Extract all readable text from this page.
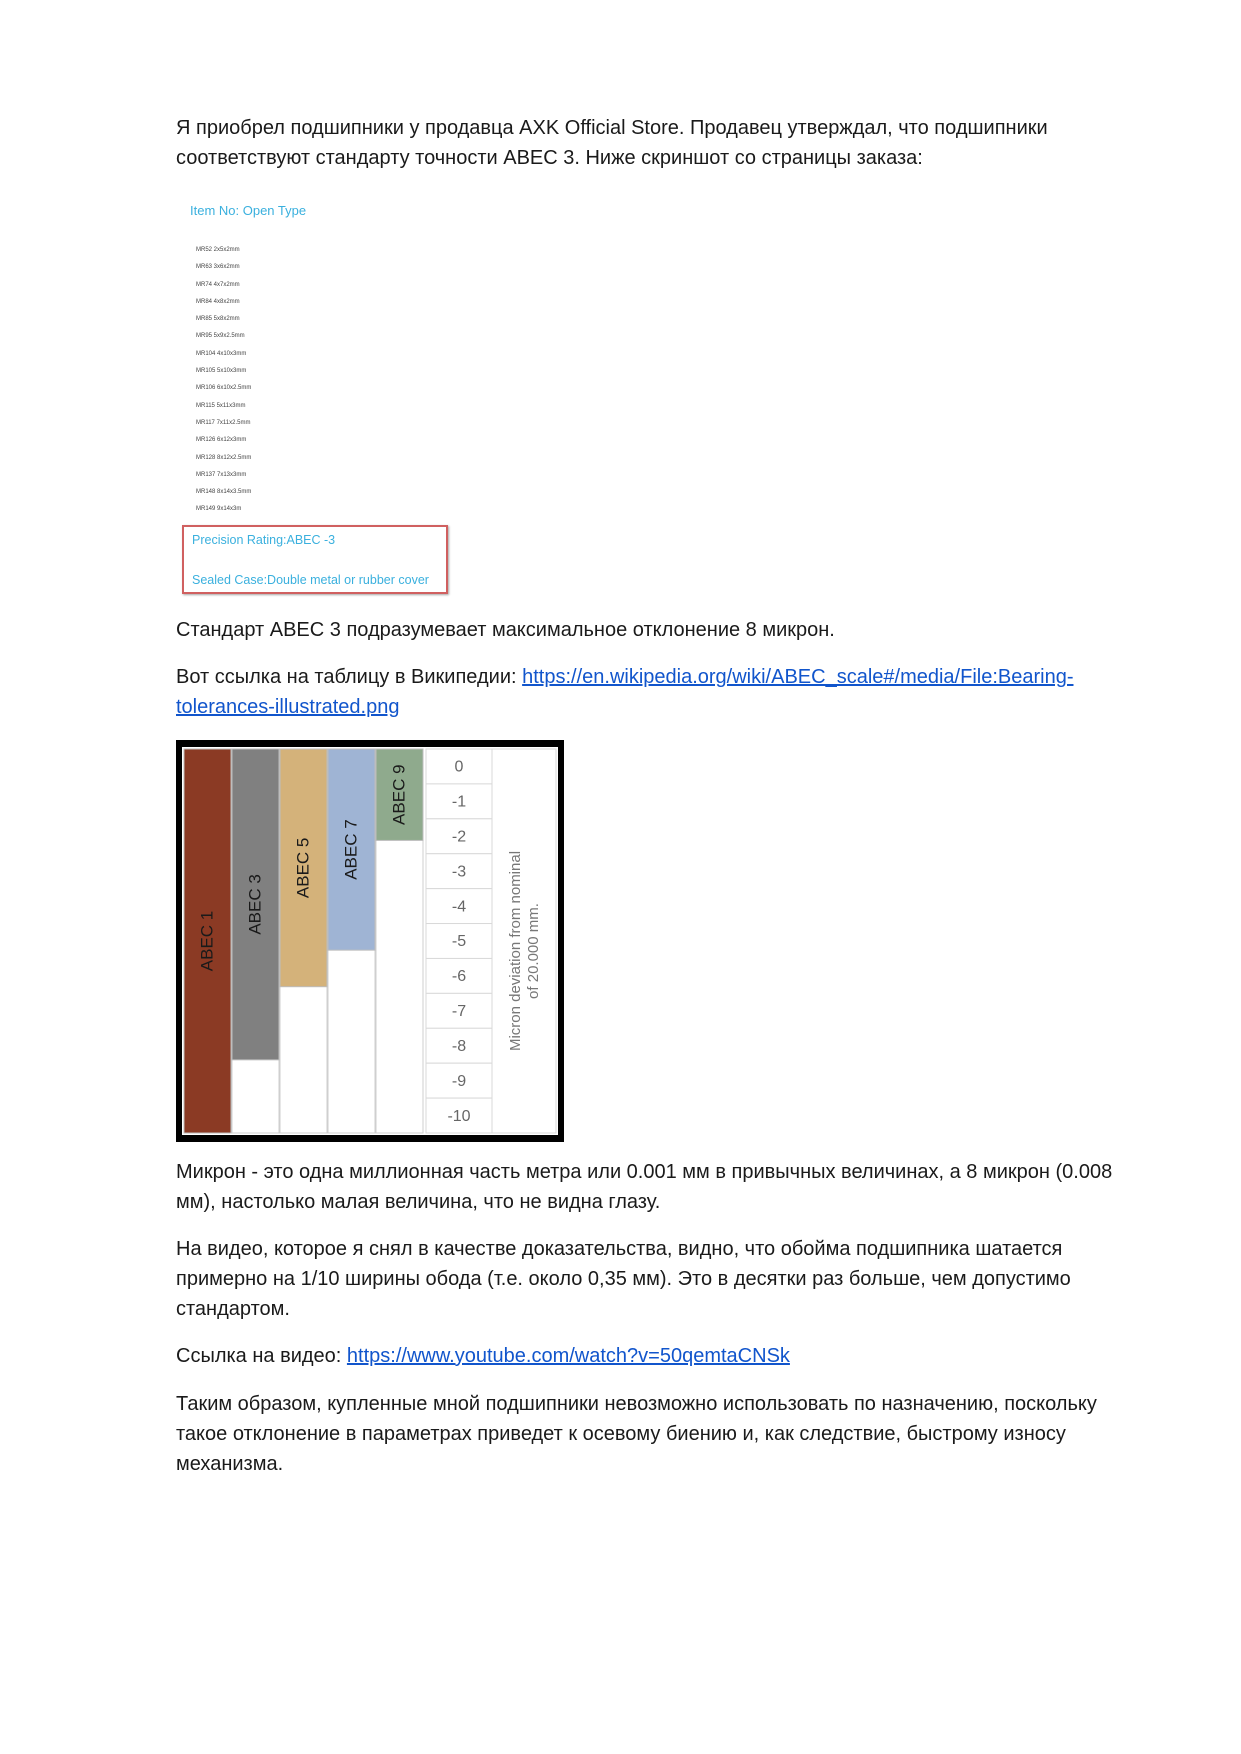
Я приобрел подшипники у продавца AXK Official Store. Продавец утверждал, что подшипники соответствуют стандарту точности ABEC 3. Ниже скриншот со страницы заказа:

Item No: Open Type
MR52 2x5x2mm
MR63 3x6x2mm
MR74 4x7x2mm
MR84 4x8x2mm
MR85 5x8x2mm
MR95 5x9x2.5mm
MR104 4x10x3mm
MR105 5x10x3mm
MR106 6x10x2.5mm
MR115 5x11x3mm
MR117 7x11x2.5mm
MR126 6x12x3mm
MR128 8x12x2.5mm
MR137 7x13x3mm
MR148 8x14x3.5mm
MR149 9x14x3m
Precision Rating:ABEC -3
Sealed Case:Double metal or rubber cover

Стандарт ABEC 3 подразумевает максимальное отклонение 8 микрон.

Вот ссылка на таблицу в Википедии: https://en.wikipedia.org/wiki/ABEC_scale#/media/File:Bearing-tolerances-illustrated.png

ABEC 1
ABEC 3
ABEC 5 ABEC 7
ABEC 9	0
-1
-2
-3
-4
-5
-6
-7
-8
-9
-10
Micron deviation from nominal of 20.000 mm.

Микрон - это одна миллионная часть метра или 0.001 мм в привычных величинах, а 8 микрон (0.008 мм), настолько малая величина, что не видна глазу.

На видео, которое я снял в качестве доказательства, видно, что обойма подшипника шатается примерно на 1/10 ширины обода (т.е. около 0,35 мм). Это в десятки раз больше, чем допустимо стандартом.

Ссылка на видео: https://www.youtube.com/watch?v=50qemtaCNSk

Таким образом, купленные мной подшипники невозможно использовать по назначению, поскольку такое отклонение в параметрах приведет к осевому биению и, как следствие, быстрому износу механизма.
